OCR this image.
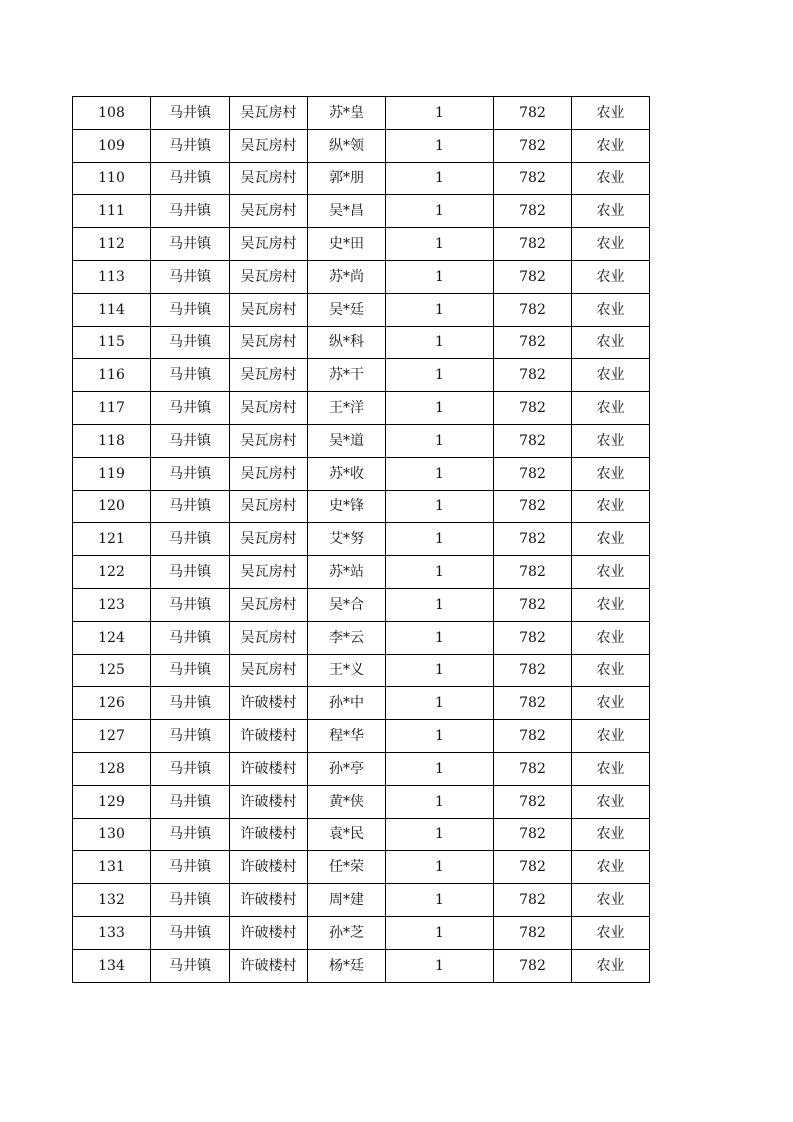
108	马井镇	吴瓦房村	苏*皇	1	782	农业
109	马井镇	吴瓦房村	纵*领	1	782	农业
110	马井镇	吴瓦房村	郭*朋	1	782	农业
111	马井镇	吴瓦房村	吴*昌	1	782	农业
112	马井镇	吴瓦房村	史*田	1	782	农业
113	马井镇	吴瓦房村	苏*尚	1	782	农业
114	马井镇	吴瓦房村	吴*廷	1	782	农业
115	马井镇	吴瓦房村	纵*科	1	782	农业
116	马井镇	吴瓦房村	苏*干	1	782	农业
117	马井镇	吴瓦房村	王*洋	1	782	农业
118	马井镇	吴瓦房村	吴*道	1	782	农业
119	马井镇	吴瓦房村	苏*收	1	782	农业
120	马井镇	吴瓦房村	史*锋	1	782	农业
121	马井镇	吴瓦房村	艾*努	1	782	农业
122	马井镇	吴瓦房村	苏*站	1	782	农业
123	马井镇	吴瓦房村	吴*合	1	782	农业
124	马井镇	吴瓦房村	李*云	1	782	农业
125	马井镇	吴瓦房村	王*义	1	782	农业
126	马井镇	许破楼村	孙*中	1	782	农业
127	马井镇	许破楼村	程*华	1	782	农业
128	马井镇	许破楼村	孙*亭	1	782	农业
129	马井镇	许破楼村	黄*侠	1	782	农业
130	马井镇	许破楼村	袁*民	1	782	农业
131	马井镇	许破楼村	任*荣	1	782	农业
132	马井镇	许破楼村	周*建	1	782	农业
133	马井镇	许破楼村	孙*芝	1	782	农业
134	马井镇	许破楼村	杨*廷	1	782	农业
